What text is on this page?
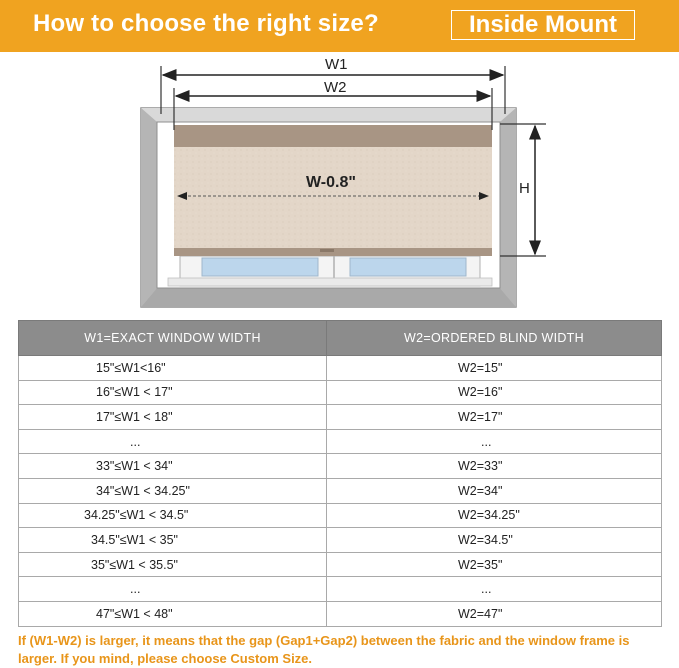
How to choose the right size?	Inside Mount
W1
W2
W-0.8"	H
W1=EXACT WINDOW WIDTH	W2=ORDERED BLIND WIDTH
15"≤W1<16"	W2=15"
16"≤W1 < 17"	W2=16"
17"≤W1 < 18"	W2=17"
...	...
33"≤W1 < 34"	W2=33"
34"≤W1 < 34.25"	W2=34"
34.25"≤W1 < 34.5"	W2=34.25"
34.5"≤W1 < 35"	W2=34.5"
35"≤W1 < 35.5"	W2=35"
...	...
47"≤W1 < 48"	W2=47"
If (W1-W2) is larger, it means that the gap (Gap1+Gap2) between the fabric and the window frame is larger. If you mind, please choose Custom Size.
